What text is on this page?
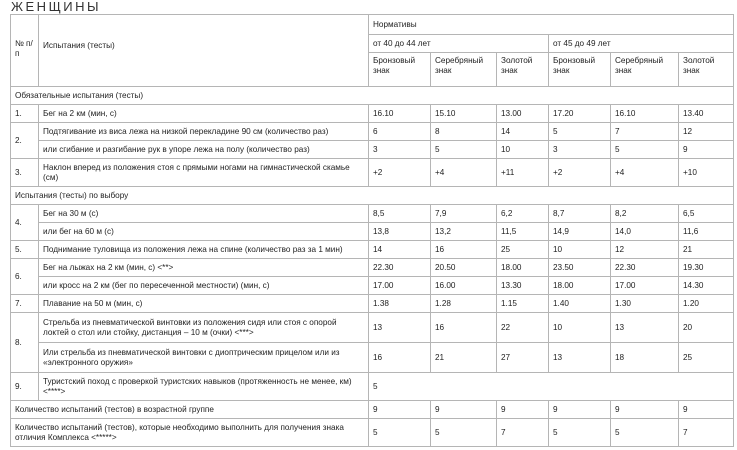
ЖЕНЩИНЫ
№ п/п	Испытания (тесты)	Нормативы					
		от 40 до 44 лет			от 45 до 49 лет		
		Бронзовый знак	Серебряный знак	Золотой знак	Бронзовый знак	Серебряный знак	Золотой знак
Обязательные испытания (тесты)							
1.	Бег на 2 км (мин, с)	16.10	15.10	13.00	17.20	16.10	13.40
2.	Подтягивание из виса лежа на низкой перекладине 90 см (количество раз)	6	8	14	5	7	12
	или сгибание и разгибание рук в упоре лежа на полу (количество раз)	3	5	10	3	5	9
3.	Наклон вперед из положения стоя с прямыми ногами на гимнастической скамье (см)	+2	+4	+11	+2	+4	+10
Испытания (тесты) по выбору							
4.	Бег на 30 м (с)	8,5	7,9	6,2	8,7	8,2	6,5
	или бег на 60 м (с)	13,8	13,2	11,5	14,9	14,0	11,6
5.	Поднимание туловища из положения лежа на спине (количество раз за 1 мин)	14	16	25	10	12	21
6.	Бег на лыжах на 2 км (мин, с) <**>	22.30	20.50	18.00	23.50	22.30	19.30
	или кросс на 2 км (бег по пересеченной местности) (мин, с)	17.00	16.00	13.30	18.00	17.00	14.30
7.	Плавание на 50 м (мин, с)	1.38	1.28	1.15	1.40	1.30	1.20
8.	Стрельба из пневматической винтовки из положения сидя или стоя с опорой локтей о стол или стойку, дистанция – 10 м (очки) <***>	13	16	22	10	13	20
	Или стрельба из пневматической винтовки с диоптрическим прицелом или из «электронного оружия»	16	21	27	13	18	25
9.	Туристский поход с проверкой туристских навыков (протяженность не менее, км) <****>	5					
Количество испытаний (тестов) в возрастной группе		9	9	9	9	9	9
Количество испытаний (тестов), которые необходимо выполнить для получения знака отличия Комплекса <*****>		5	5	7	5	5	7
